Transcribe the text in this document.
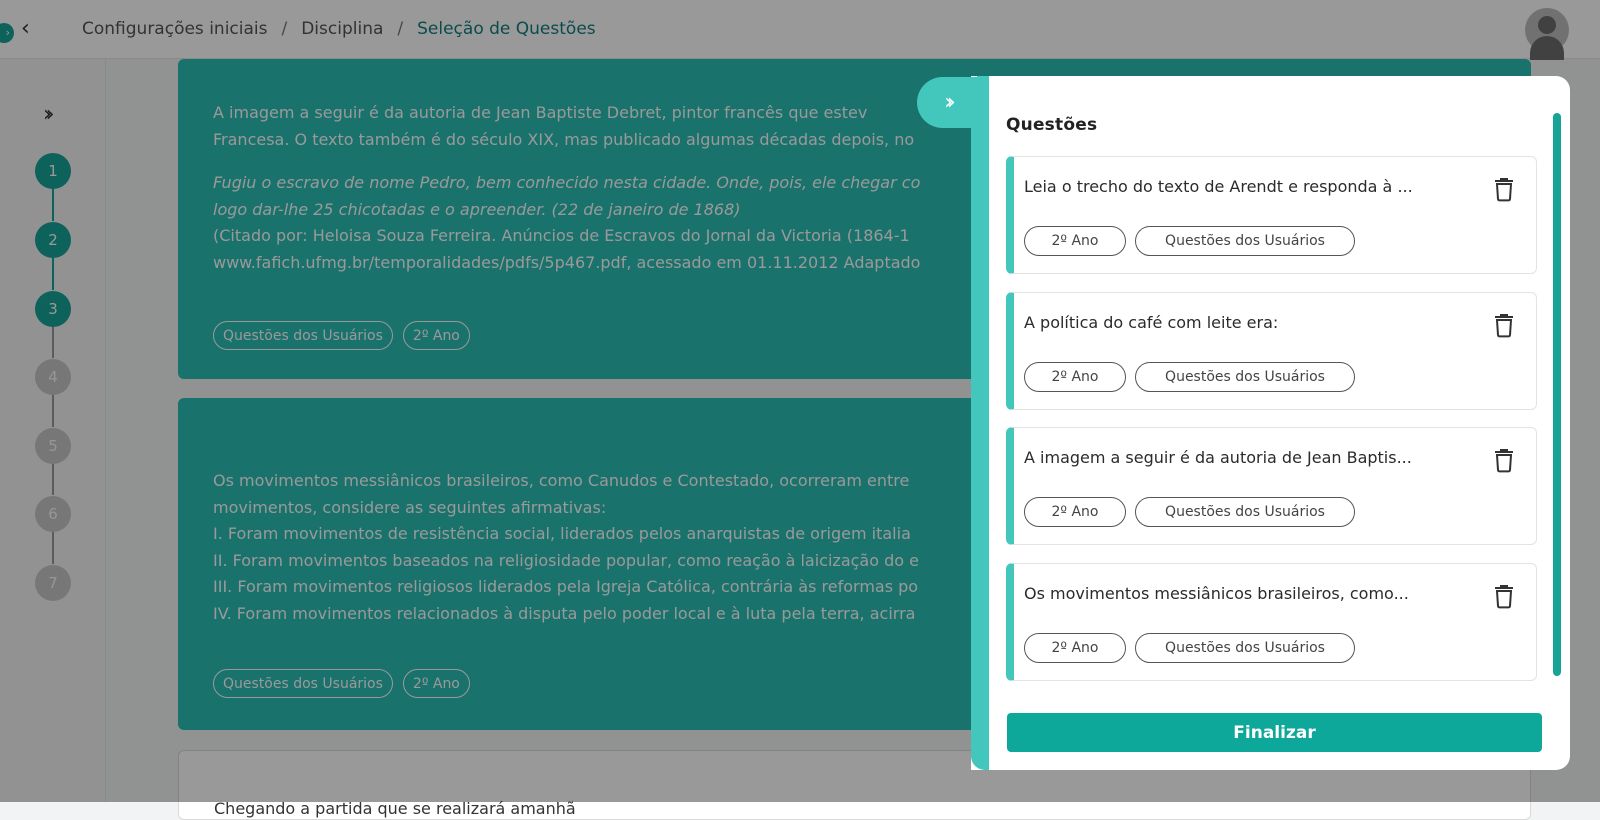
› ‹	Configurações iniciais / Disciplina / Seleção de Questões
››
1
2
3
4
5
6
7

A imagem a seguir é da autoria de Jean Baptiste Debret, pintor francês que estev

Francesa. O texto também é do século XIX, mas publicado algumas décadas depois, no

Fugiu o escravo de nome Pedro, bem conhecido nesta cidade. Onde, pois, ele chegar co

logo dar-lhe 25 chicotadas e o apreender. (22 de janeiro de 1868)

(Citado por: Heloisa Souza Ferreira. Anúncios de Escravos do Jornal da Victoria (1864-1

www.fafich.ufmg.br/temporalidades/pdfs/5p467.pdf, acessado em 01.11.2012 Adaptado

Questões dos Usuários	2º Ano

Os movimentos messiânicos brasileiros, como Canudos e Contestado, ocorreram entre

movimentos, considere as seguintes afirmativas:

I. Foram movimentos de resistência social, liderados pelos anarquistas de origem italia

II. Foram movimentos baseados na religiosidade popular, como reação à laicização do e

III. Foram movimentos religiosos liderados pela Igreja Católica, contrária às reformas po

IV. Foram movimentos relacionados à disputa pelo poder local e à luta pela terra, acirra

Questões dos Usuários	2º Ano

Chegando a partida que se realizará amanhã

››
Questões
Leia o trecho do texto de Arendt e responda à ...
2º Ano	Questões dos Usuários
A política do café com leite era:
2º Ano	Questões dos Usuários
A imagem a seguir é da autoria de Jean Baptis...
2º Ano	Questões dos Usuários
Os movimentos messiânicos brasileiros, como...
2º Ano	Questões dos Usuários
Finalizar
